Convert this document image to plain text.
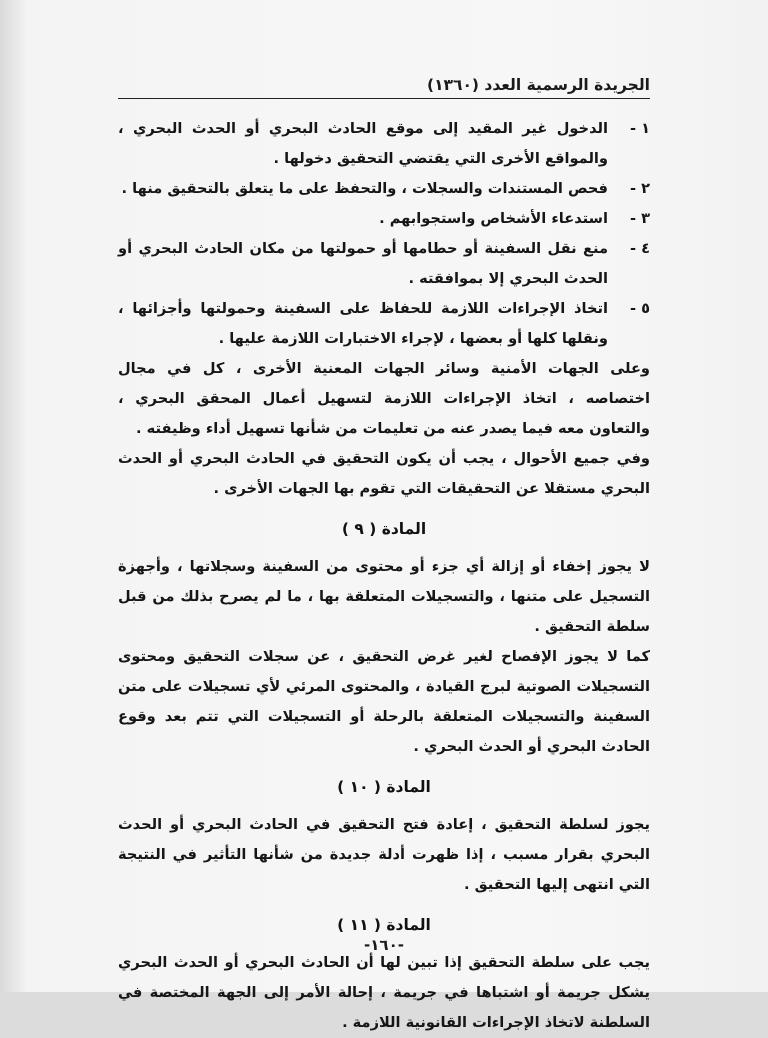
الجريدة الرسمية العدد (١٣٦٠)
١ -
الدخول غير المقيد إلى موقع الحادث البحري أو الحدث البحري ، والمواقع الأخرى التي يقتضي التحقيق دخولها .
٢ -
فحص المستندات والسجلات ، والتحفظ على ما يتعلق بالتحقيق منها .
٣ -
استدعاء الأشخاص واستجوابهم .
٤ -
منع نقل السفينة أو حطامها أو حمولتها من مكان الحادث البحري أو الحدث البحري إلا بموافقته .
٥ -
اتخاذ الإجراءات اللازمة للحفاظ على السفينة وحمولتها وأجزائها ، ونقلها كلها أو بعضها ، لإجراء الاختبارات اللازمة عليها .

وعلى الجهات الأمنية وسائر الجهات المعنية الأخرى ، كل في مجال اختصاصه ، اتخاذ الإجراءات اللازمة لتسهيل أعمال المحقق البحري ، والتعاون معه فيما يصدر عنه من تعليمات من شأنها تسهيل أداء وظيفته .

وفي جميع الأحوال ، يجب أن يكون التحقيق في الحادث البحري أو الحدث البحري مستقلا عن التحقيقات التي تقوم بها الجهات الأخرى .

المادة ( ٩ )

لا يجوز إخفاء أو إزالة أي جزء أو محتوى من السفينة وسجلاتها ، وأجهزة التسجيل على متنها ، والتسجيلات المتعلقة بها ، ما لم يصرح بذلك من قبل سلطة التحقيق .

كما لا يجوز الإفصاح لغير غرض التحقيق ، عن سجلات التحقيق ومحتوى التسجيلات الصوتية لبرج القيادة ، والمحتوى المرئي لأي تسجيلات على متن السفينة والتسجيلات المتعلقة بالرحلة أو التسجيلات التي تتم بعد وقوع الحادث البحري أو الحدث البحري .

المادة ( ١٠ )

يجوز لسلطة التحقيق ، إعادة فتح التحقيق في الحادث البحري أو الحدث البحري بقرار مسبب ، إذا ظهرت أدلة جديدة من شأنها التأثير في النتيجة التي انتهى إليها التحقيق .

المادة ( ١١ )

يجب على سلطة التحقيق إذا تبين لها أن الحادث البحري أو الحدث البحري يشكل جريمة أو اشتباها في جريمة ، إحالة الأمر إلى الجهة المختصة في السلطنة لاتخاذ الإجراءات القانونية اللازمة .

-١٦٠-
